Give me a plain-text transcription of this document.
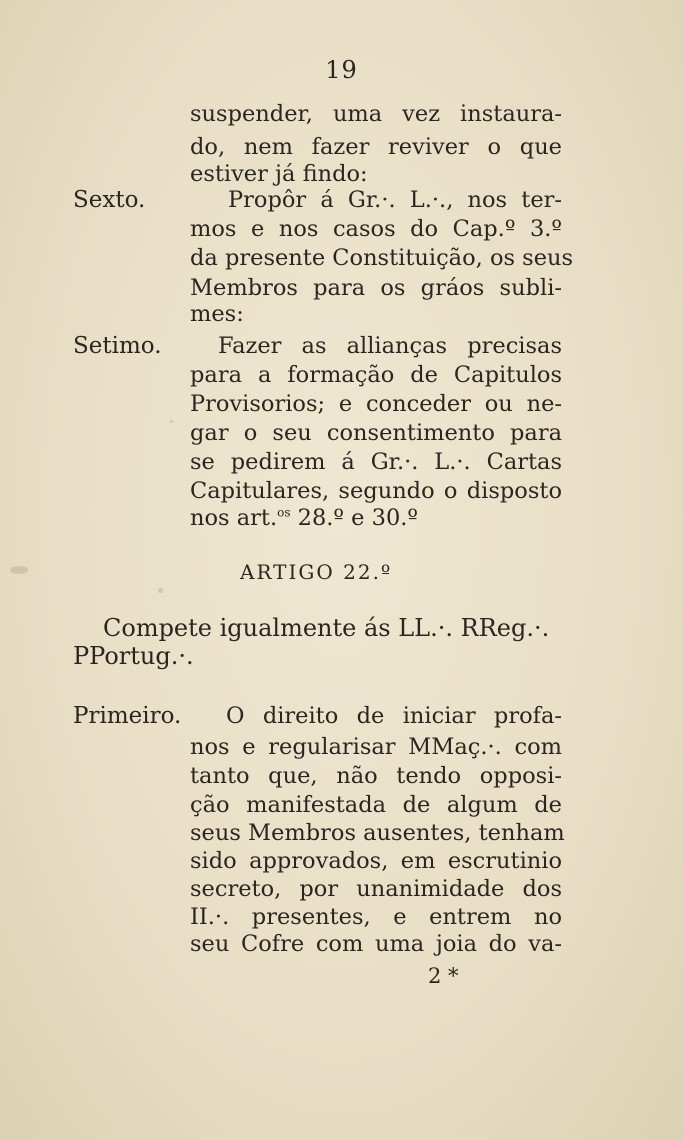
19
suspender, uma vez instaura-
do, nem fazer reviver o que
estiver já findo:
Sexto.	Propôr á Gr.·. L.·., nos ter-
mos e nos casos do Cap.º 3.º
da presente Constituição, os seus
Membros para os gráos subli-
mes:
Setimo.	Fazer as allianças precisas
para a formação de Capitulos
Provisorios; e conceder ou ne-
gar o seu consentimento para
se pedirem á Gr.·. L.·. Cartas
Capitulares, segundo o disposto
nos art.$^{os}$ 28.º e 30.º
ARTIGO 22.º
Compete igualmente ás LL.·. RReg.·.
PPortug.·.
Primeiro. O direito de iniciar profa-
nos e regularisar MMaç.·. com
tanto que, não tendo opposi-
ção manifestada de algum de
seus Membros ausentes, tenham
sido approvados, em escrutinio
secreto, por unanimidade dos
II.·. presentes, e entrem no
seu Cofre com uma joia do va-
2 *
